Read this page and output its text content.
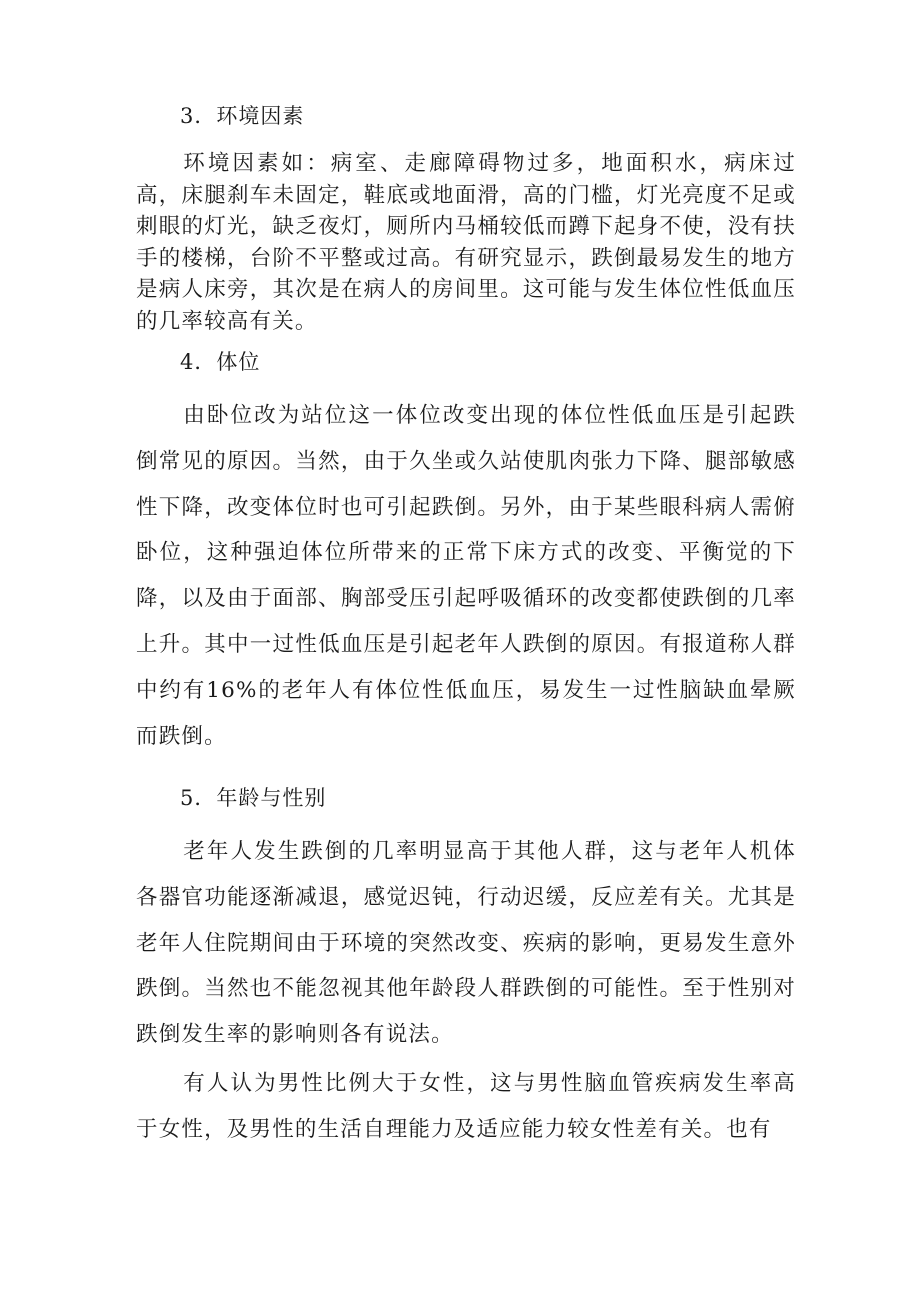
3．环境因素

环境因素如：病室、走廊障碍物过多，地面积水，病床过高，床腿刹车未固定，鞋底或地面滑，高的门槛，灯光亮度不足或刺眼的灯光，缺乏夜灯，厕所内马桶较低而蹲下起身不使，没有扶手的楼梯，台阶不平整或过高。有研究显示，跌倒最易发生的地方是病人床旁，其次是在病人的房间里。这可能与发生体位性低血压的几率较高有关。

4．体位

由卧位改为站位这一体位改变出现的体位性低血压是引起跌倒常见的原因。当然，由于久坐或久站使肌肉张力下降、腿部敏感性下降，改变体位时也可引起跌倒。另外，由于某些眼科病人需俯卧位，这种强迫体位所带来的正常下床方式的改变、平衡觉的下降，以及由于面部、胸部受压引起呼吸循环的改变都使跌倒的几率上升。其中一过性低血压是引起老年人跌倒的原因。有报道称人群中约有16%的老年人有体位性低血压，易发生一过性脑缺血晕厥而跌倒。

5．年龄与性别

老年人发生跌倒的几率明显高于其他人群，这与老年人机体各器官功能逐渐减退，感觉迟钝，行动迟缓，反应差有关。尤其是老年人住院期间由于环境的突然改变、疾病的影响，更易发生意外跌倒。当然也不能忽视其他年龄段人群跌倒的可能性。至于性别对跌倒发生率的影响则各有说法。

有人认为男性比例大于女性，这与男性脑血管疾病发生率高于女性，及男性的生活自理能力及适应能力较女性差有关。也有
